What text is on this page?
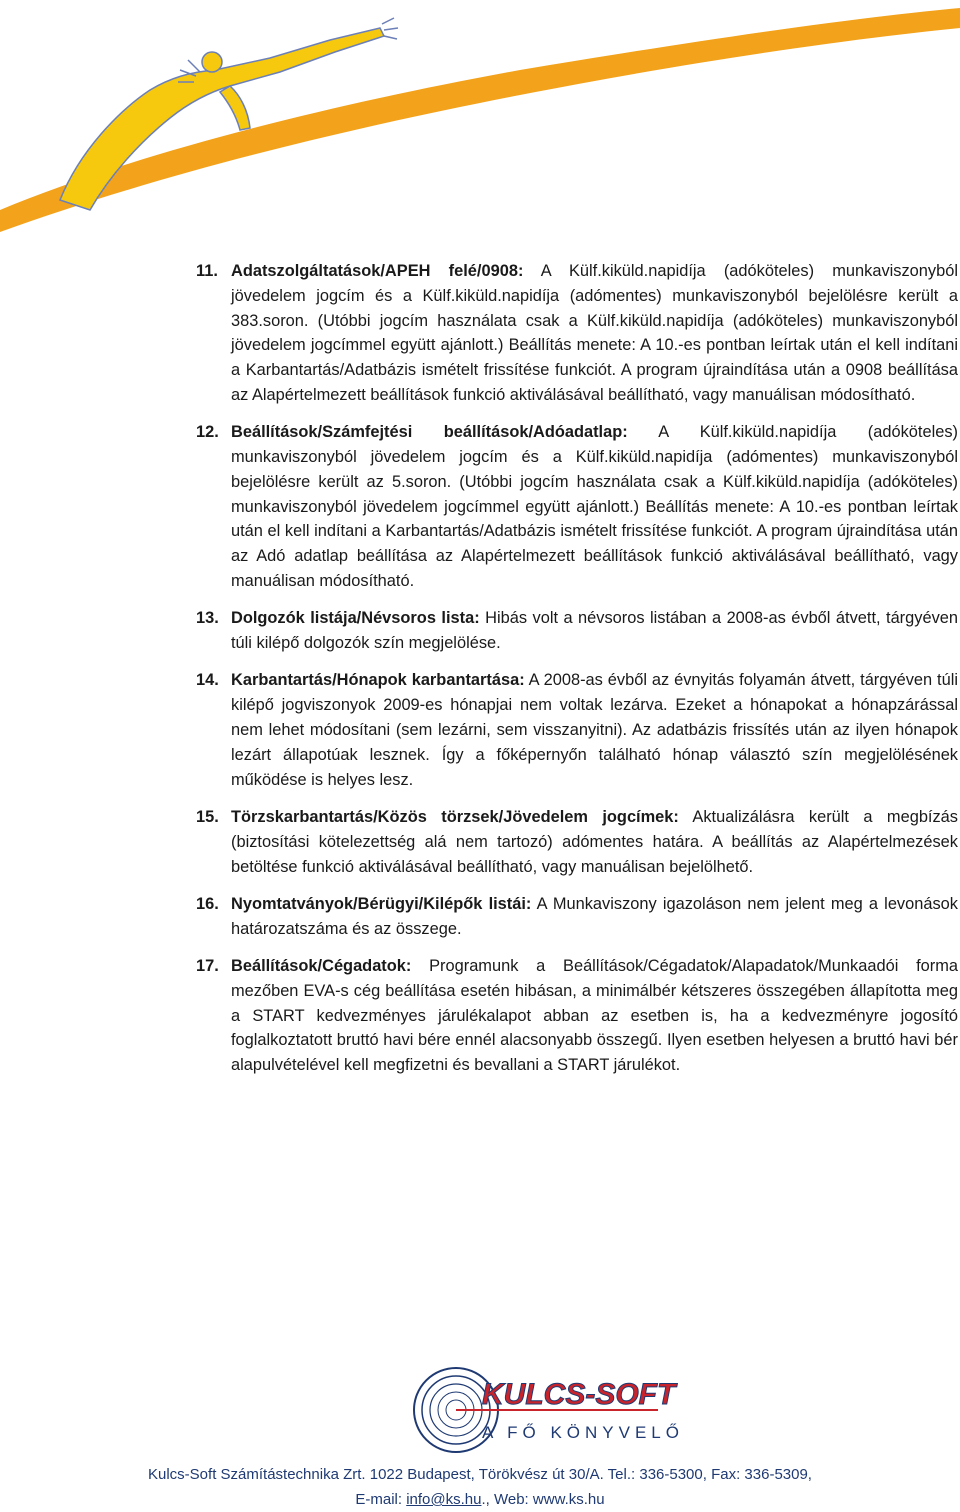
11. Adatszolgáltatások/APEH felé/0908: A Külf.kiküld.napidíja (adóköteles) munkaviszonyból jövedelem jogcím és a Külf.kiküld.napidíja (adómentes) munkaviszonyból bejelölésre került a 383.soron. (Utóbbi jogcím használata csak a Külf.kiküld.napidíja (adóköteles) munkaviszonyból jövedelem jogcímmel együtt ajánlott.) Beállítás menete: A 10.-es pontban leírtak után el kell indítani a Karbantartás/Adatbázis ismételt frissítése funkciót. A program újraindítása után a 0908 beállítása az Alapértelmezett beállítások funkció aktiválásával beállítható, vagy manuálisan módosítható.
12. Beállítások/Számfejtési beállítások/Adóadatlap: A Külf.kiküld.napidíja (adóköteles) munkaviszonyból jövedelem jogcím és a Külf.kiküld.napidíja (adómentes) munkaviszonyból bejelölésre került az 5.soron. (Utóbbi jogcím használata csak a Külf.kiküld.napidíja (adóköteles) munkaviszonyból jövedelem jogcímmel együtt ajánlott.) Beállítás menete: A 10.-es pontban leírtak után el kell indítani a Karbantartás/Adatbázis ismételt frissítése funkciót. A program újraindítása után az Adó adatlap beállítása az Alapértelmezett beállítások funkció aktiválásával beállítható, vagy manuálisan módosítható.
13. Dolgozók listája/Névsoros lista: Hibás volt a névsoros listában a 2008-as évből átvett, tárgyéven túli kilépő dolgozók szín megjelölése.
14. Karbantartás/Hónapok karbantartása: A 2008-as évből az évnyitás folyamán átvett, tárgyéven túli kilépő jogviszonyok 2009-es hónapjai nem voltak lezárva. Ezeket a hónapokat a hónapzárással nem lehet módosítani (sem lezárni, sem visszanyitni). Az adatbázis frissítés után az ilyen hónapok lezárt állapotúak lesznek. Így a főképernyőn található hónap választó szín megjelölésének működése is helyes lesz.
15. Törzskarbantartás/Közös törzsek/Jövedelem jogcímek: Aktualizálásra került a megbízás (biztosítási kötelezettség alá nem tartozó) adómentes határa. A beállítás az Alapértelmezések betöltése funkció aktiválásával beállítható, vagy manuálisan bejelölhető.
16. Nyomtatványok/Bérügyi/Kilépők listái: A Munkaviszony igazoláson nem jelent meg a levonások határozatszáma és az összege.
17. Beállítások/Cégadatok: Programunk a Beállítások/Cégadatok/Alapadatok/Munkaadói forma mezőben EVA-s cég beállítása esetén hibásan, a minimálbér kétszeres összegében állapította meg a START kedvezményes járulékalapot abban az esetben is, ha a kedvezményre jogosító foglalkoztatott bruttó havi bére ennél alacsonyabb összegű. Ilyen esetben helyesen a bruttó havi bér alapulvételével kell megfizetni és bevallani a START járulékot.
KULCS-SOFT
A FŐ KÖNYVELŐ
Kulcs-Soft Számítástechnika Zrt. 1022 Budapest, Törökvész út 30/A. Tel.: 336-5300, Fax: 336-5309,
E-mail: info@ks.hu., Web: www.ks.hu
